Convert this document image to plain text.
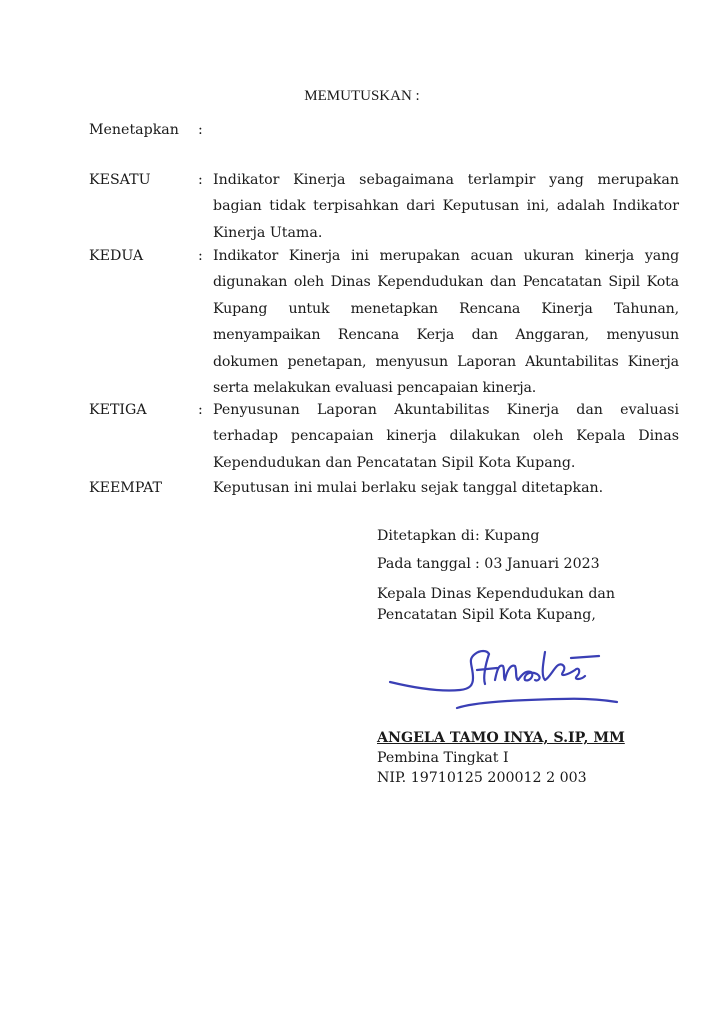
MEMUTUSKAN :
Menetapkan	:
KESATU	: Indikator Kinerja sebagaimana terlampir yang merupakan bagian tidak terpisahkan dari Keputusan ini, adalah Indikator Kinerja Utama.
KEDUA	: Indikator Kinerja ini merupakan acuan ukuran kinerja yang digunakan oleh Dinas Kependudukan dan Pencatatan Sipil Kota Kupang untuk menetapkan Rencana Kinerja Tahunan, menyampaikan Rencana Kerja dan Anggaran, menyusun dokumen penetapan, menyusun Laporan Akuntabilitas Kinerja serta melakukan evaluasi pencapaian kinerja.
KETIGA	: Penyusunan Laporan Akuntabilitas Kinerja dan evaluasi terhadap pencapaian kinerja dilakukan oleh Kepala Dinas Kependudukan dan Pencatatan Sipil Kota Kupang.
KEEMPAT	Keputusan ini mulai berlaku sejak tanggal ditetapkan.
Ditetapkan di: Kupang
Pada tanggal : 03 Januari 2023
Kepala Dinas Kependudukan dan
Pencatatan Sipil Kota Kupang,
ANGELA TAMO INYA, S.IP, MM
Pembina Tingkat I
NIP. 19710125 200012 2 003
